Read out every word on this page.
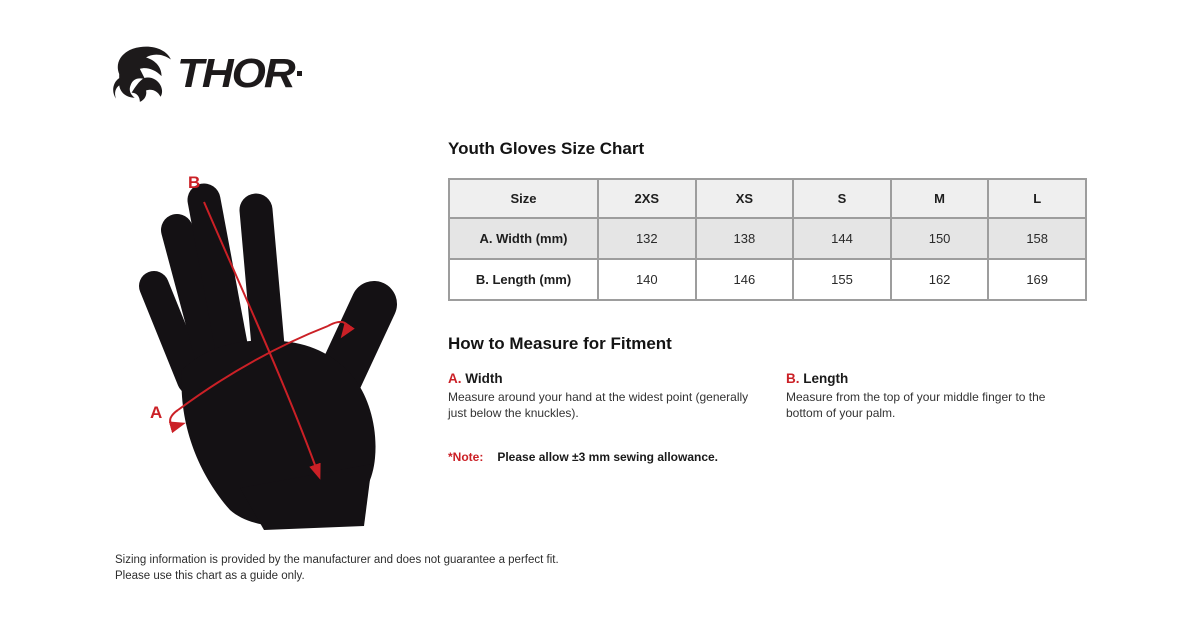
THOR
B
A
Youth Gloves Size Chart
Size	2XS	XS	S	M	L
A. Width (mm)	132	138	144	150	158
B. Length (mm)	140	146	155	162	169
How to Measure for Fitment
A. Width
Measure around your hand at the widest point (generally just below the knuckles).
B. Length
Measure from the top of your middle finger to the bottom of your palm.
*Note: Please allow ±3 mm sewing allowance.
Sizing information is provided by the manufacturer and does not guarantee a perfect fit.
Please use this chart as a guide only.
